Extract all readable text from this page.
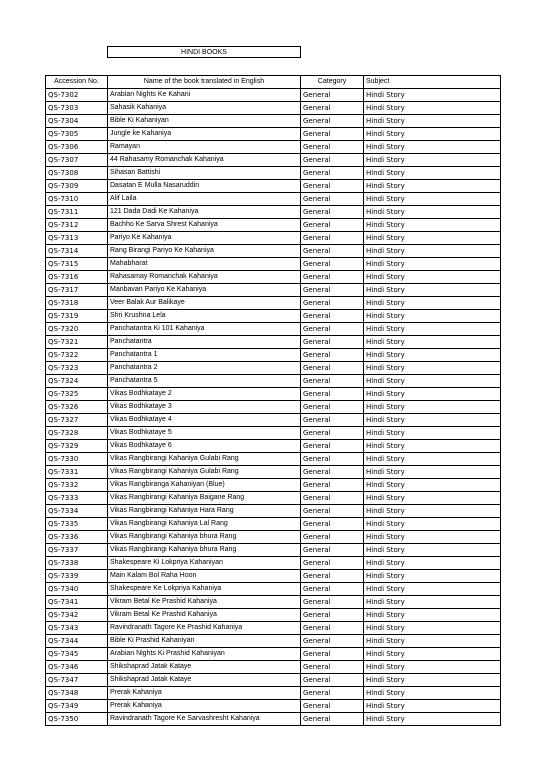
HINDI BOOKS
Accession No.	Name of the book translated in English	Category	Subject
QS-7302	Arabian Nights Ke Kahani	General	Hindi Story
QS-7303	Sahasik Kahaniya	General	Hindi Story
QS-7304	Bible Ki Kahaniyan	General	Hindi Story
QS-7305	Jungle ke Kahaniya	General	Hindi Story
QS-7306	Ramayan	General	Hindi Story
QS-7307	44 Rahasamy Romanchak Kahaniya	General	Hindi Story
QS-7308	Sihasan Battishi	General	Hindi Story
QS-7309	Dasatan E Mulla Nasaruddin	General	Hindi Story
QS-7310	Alif Laila	General	Hindi Story
QS-7311	121 Dada Dadi Ke Kahaniya	General	Hindi Story
QS-7312	Bachho Ke Sarva Shrest Kahaniya	General	Hindi Story
QS-7313	Pariyo Ke Kahaniya	General	Hindi Story
QS-7314	Rang Birangi Pariyo Ke Kahaniya	General	Hindi Story
QS-7315	Mahabharat	General	Hindi Story
QS-7316	Rahasamay Romanchak Kahaniya	General	Hindi Story
QS-7317	Manbavan Pariyo Ke Kahaniya	General	Hindi Story
QS-7318	Veer Balak Aur Balikaye	General	Hindi Story
QS-7319	Shri Krushna Lela	General	Hindi Story
QS-7320	Panchatantra Ki 101 Kahaniya	General	Hindi Story
QS-7321	Panchatantra	General	Hindi Story
QS-7322	Panchatantra 1	General	Hindi Story
QS-7323	Panchatantra 2	General	Hindi Story
QS-7324	Panchatantra 5	General	Hindi Story
QS-7325	Vikas Bodhkataye 2	General	Hindi Story
QS-7326	Vikas Bodhkataye 3	General	Hindi Story
QS-7327	Vikas Bodhkataye 4	General	Hindi Story
QS-7328	Vikas Bodhkataye 5	General	Hindi Story
QS-7329	Vikas Bodhkataye 6	General	Hindi Story
QS-7330	Vikas Rangbirangi Kahaniya Gulabi Rang	General	Hindi Story
QS-7331	Vikas Rangbirangi Kahaniya Gulabi Rang	General	Hindi Story
QS-7332	Vikas Rangbiranga Kahaniyan (Blue)	General	Hindi Story
QS-7333	Vikas Rangbirangi Kahaniya Baigane Rang	General	Hindi Story
QS-7334	Vikas Rangbirangi Kahaniya Hara Rang	General	Hindi Story
QS-7335	Vikas Rangbirangi Kahaniya Lal Rang	General	Hindi Story
QS-7336	Vikas Rangbirangi Kahaniya bhura Rang	General	Hindi Story
QS-7337	Vikas Rangbirangi Kahaniya bhura Rang	General	Hindi Story
QS-7338	Shakespeare Ki Lokpriya Kahaniyan	General	Hindi Story
QS-7339	Main Kalam Bol Raha Hoon	General	Hindi Story
QS-7340	Shakespeare Ke Lokpriya Kahaniya	General	Hindi Story
QS-7341	Vikram Betal Ke Prashid Kahaniya	General	Hindi Story
QS-7342	Vikram Betal Ke Prashid Kahaniya	General	Hindi Story
QS-7343	Ravindranath Tagore Ke Prashid Kahaniya	General	Hindi Story
QS-7344	Bible Ki Prashid Kahaniyan	General	Hindi Story
QS-7345	Arabian Nights Ki Prashid Kahaniyan	General	Hindi Story
QS-7346	Shikshaprad Jatak Kataye	General	Hindi Story
QS-7347	Shikshaprad Jatak Kataye	General	Hindi Story
QS-7348	Prerak Kahaniya	General	Hindi Story
QS-7349	Prerak Kahaniya	General	Hindi Story
QS-7350	Ravindranath Tagore Ke Sarvashresht Kahaniya	General	Hindi Story
